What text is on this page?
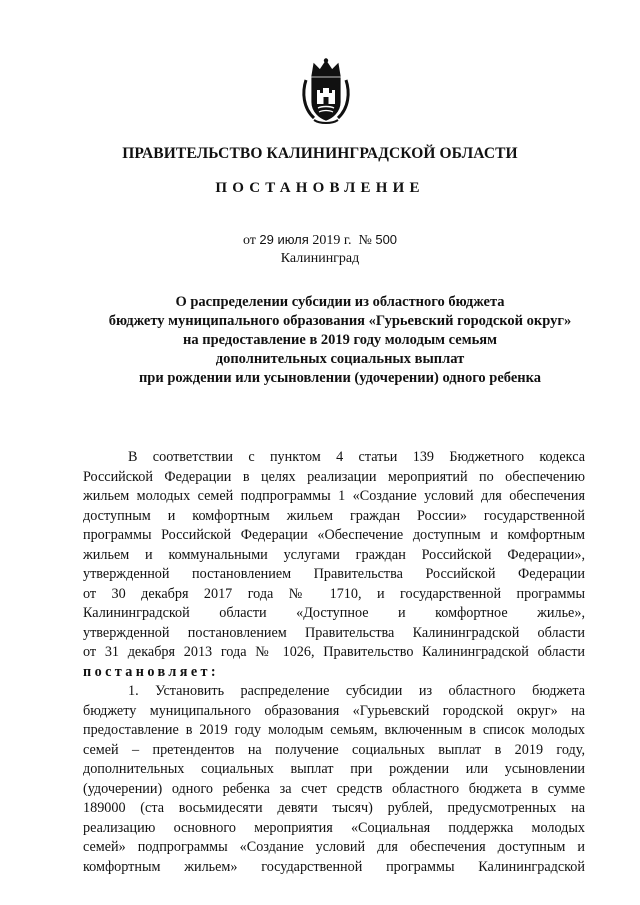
ПРАВИТЕЛЬСТВО КАЛИНИНГРАДСКОЙ ОБЛАСТИ
ПОСТАНОВЛЕНИЕ
от 29 июля 2019 г. № 500
Калининград
О распределении субсидии из областного бюджета
бюджету муниципального образования «Гурьевский городской округ»
на предоставление в 2019 году молодым семьям
дополнительных социальных выплат
при рождении или усыновлении (удочерении) одного ребенка

В соответствии с пунктом 4 статьи 139 Бюджетного кодекса
Российской Федерации в целях реализации мероприятий по обеспечению
жильем молодых семей подпрограммы 1 «Создание условий для обеспечения
доступным и комфортным жильем граждан России» государственной
программы Российской Федерации «Обеспечение доступным и комфортным
жильем и коммунальными услугами граждан Российской Федерации»,
утвержденной постановлением Правительства Российской Федерации
от 30 декабря 2017 года № 1710, и государственной программы
Калининградской области «Доступное и комфортное жилье»,
утвержденной постановлением Правительства Калининградской области
от 31 декабря 2013 года № 1026, Правительство Калининградской области
постановляет:

1. Установить распределение субсидии из областного бюджета
бюджету муниципального образования «Гурьевский городской округ» на
предоставление в 2019 году молодым семьям, включенным в список молодых
семей – претендентов на получение социальных выплат в 2019 году,
дополнительных социальных выплат при рождении или усыновлении
(удочерении) одного ребенка за счет средств областного бюджета в сумме
189000 (ста восьмидесяти девяти тысяч) рублей, предусмотренных на
реализацию основного мероприятия «Социальная поддержка молодых
семей» подпрограммы «Создание условий для обеспечения доступным и
комфортным жильем» государственной программы Калининградской
